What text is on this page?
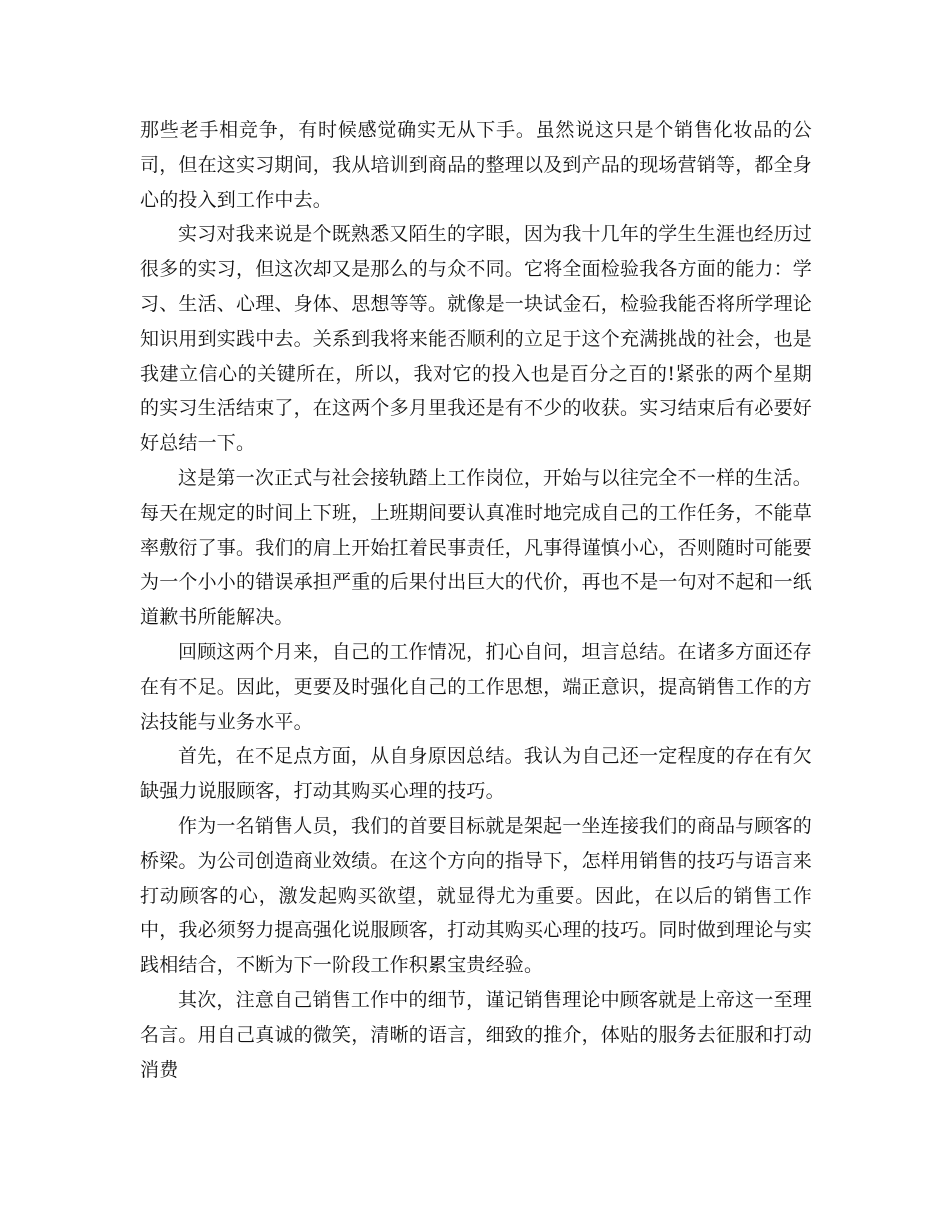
那些老手相竞争，有时候感觉确实无从下手。虽然说这只是个销售化妆品的公司，但在这实习期间，我从培训到商品的整理以及到产品的现场营销等，都全身心的投入到工作中去。

实习对我来说是个既熟悉又陌生的字眼，因为我十几年的学生生涯也经历过很多的实习，但这次却又是那么的与众不同。它将全面检验我各方面的能力：学习、生活、心理、身体、思想等等。就像是一块试金石，检验我能否将所学理论知识用到实践中去。关系到我将来能否顺利的立足于这个充满挑战的社会，也是我建立信心的关键所在，所以，我对它的投入也是百分之百的!紧张的两个星期的实习生活结束了，在这两个多月里我还是有不少的收获。实习结束后有必要好好总结一下。

这是第一次正式与社会接轨踏上工作岗位，开始与以往完全不一样的生活。每天在规定的时间上下班，上班期间要认真准时地完成自己的工作任务，不能草率敷衍了事。我们的肩上开始扛着民事责任，凡事得谨慎小心，否则随时可能要为一个小小的错误承担严重的后果付出巨大的代价，再也不是一句对不起和一纸道歉书所能解决。

回顾这两个月来，自己的工作情况，扪心自问，坦言总结。在诸多方面还存在有不足。因此，更要及时强化自己的工作思想，端正意识，提高销售工作的方法技能与业务水平。

首先，在不足点方面，从自身原因总结。我认为自己还一定程度的存在有欠缺强力说服顾客，打动其购买心理的技巧。

作为一名销售人员，我们的首要目标就是架起一坐连接我们的商品与顾客的桥梁。为公司创造商业效绩。在这个方向的指导下，怎样用销售的技巧与语言来打动顾客的心，激发起购买欲望，就显得尤为重要。因此，在以后的销售工作中，我必须努力提高强化说服顾客，打动其购买心理的技巧。同时做到理论与实践相结合，不断为下一阶段工作积累宝贵经验。

其次，注意自己销售工作中的细节，谨记销售理论中顾客就是上帝这一至理名言。用自己真诚的微笑，清晰的语言，细致的推介，体贴的服务去征服和打动消费
